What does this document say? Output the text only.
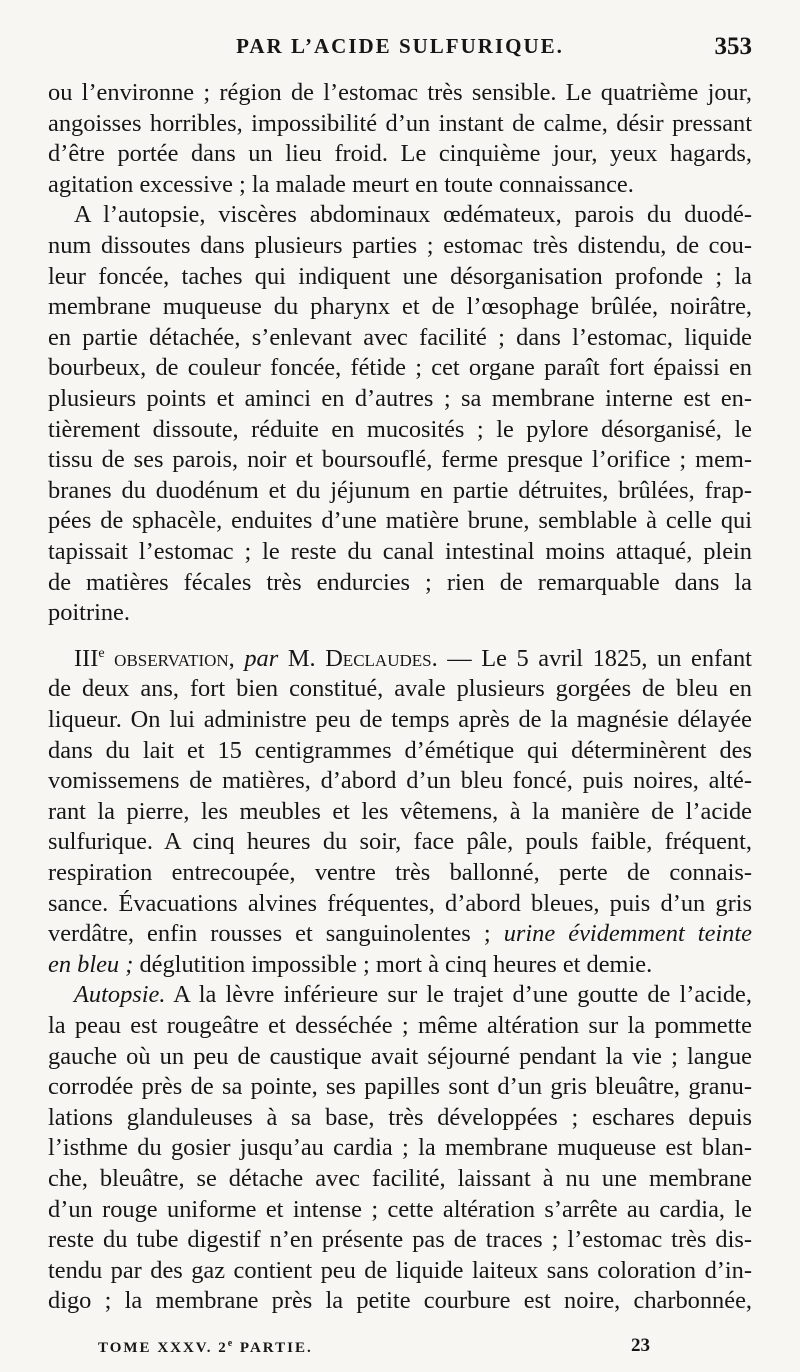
PAR L’ACIDE SULFURIQUE.	353
ou l’environne ; région de l’estomac très sensible. Le quatrième jour,
angoisses horribles, impossibilité d’un instant de calme, désir pressant
d’être portée dans un lieu froid. Le cinquième jour, yeux hagards,
agitation excessive ; la malade meurt en toute connaissance.
A l’autopsie, viscères abdominaux œdémateux, parois du duodé-
num dissoutes dans plusieurs parties ; estomac très distendu, de cou-
leur foncée, taches qui indiquent une désorganisation profonde ; la
membrane muqueuse du pharynx et de l’œsophage brûlée, noirâtre,
en partie détachée, s’enlevant avec facilité ; dans l’estomac, liquide
bourbeux, de couleur foncée, fétide ; cet organe paraît fort épaissi en
plusieurs points et aminci en d’autres ; sa membrane interne est en-
tièrement dissoute, réduite en mucosités ; le pylore désorganisé, le
tissu de ses parois, noir et boursouflé, ferme presque l’orifice ; mem-
branes du duodénum et du jéjunum en partie détruites, brûlées, frap-
pées de sphacèle, enduites d’une matière brune, semblable à celle qui
tapissait l’estomac ; le reste du canal intestinal moins attaqué, plein
de matières fécales très endurcies ; rien de remarquable dans la
poitrine.
IIIe observation, par M. Declaudes. — Le 5 avril 1825, un enfant
de deux ans, fort bien constitué, avale plusieurs gorgées de bleu en
liqueur. On lui administre peu de temps après de la magnésie délayée
dans du lait et 15 centigrammes d’émétique qui déterminèrent des
vomissemens de matières, d’abord d’un bleu foncé, puis noires, alté-
rant la pierre, les meubles et les vêtemens, à la manière de l’acide
sulfurique. A cinq heures du soir, face pâle, pouls faible, fréquent,
respiration entrecoupée, ventre très ballonné, perte de connais-
sance. Évacuations alvines fréquentes, d’abord bleues, puis d’un gris
verdâtre, enfin rousses et sanguinolentes ; urine évidemment teinte
en bleu ; déglutition impossible ; mort à cinq heures et demie.
Autopsie. A la lèvre inférieure sur le trajet d’une goutte de l’acide,
la peau est rougeâtre et desséchée ; même altération sur la pommette
gauche où un peu de caustique avait séjourné pendant la vie ; langue
corrodée près de sa pointe, ses papilles sont d’un gris bleuâtre, granu-
lations glanduleuses à sa base, très développées ; eschares depuis
l’isthme du gosier jusqu’au cardia ; la membrane muqueuse est blan-
che, bleuâtre, se détache avec facilité, laissant à nu une membrane
d’un rouge uniforme et intense ; cette altération s’arrête au cardia, le
reste du tube digestif n’en présente pas de traces ; l’estomac très dis-
tendu par des gaz contient peu de liquide laiteux sans coloration d’in-
digo ; la membrane près la petite courbure est noire, charbonnée,
TOME XXXV. 2e PARTIE.	23
